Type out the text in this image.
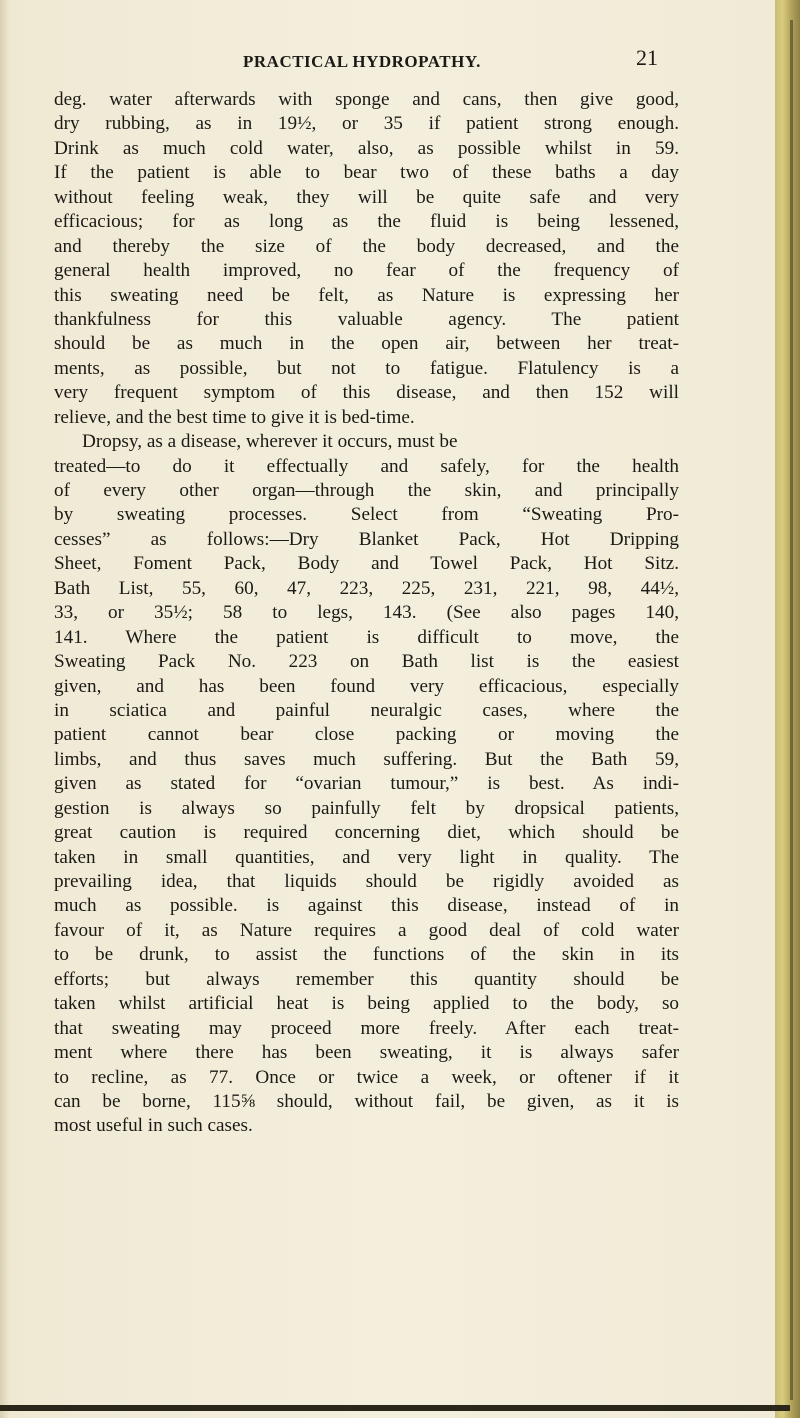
PRACTICAL HYDROPATHY.	21
deg. water afterwards with sponge and cans, then give good,
dry rubbing, as in 19½, or 35 if patient strong enough.
Drink as much cold water, also, as possible whilst in 59.
If the patient is able to bear two of these baths a day
without feeling weak, they will be quite safe and very
efficacious; for as long as the fluid is being lessened,
and thereby the size of the body decreased, and the
general health improved, no fear of the frequency of
this sweating need be felt, as Nature is expressing her
thankfulness for this valuable agency. The patient
should be as much in the open air, between her treat-
ments, as possible, but not to fatigue. Flatulency is a
very frequent symptom of this disease, and then 152 will
relieve, and the best time to give it is bed-time.
Dropsy, as a disease, wherever it occurs, must be
treated—to do it effectually and safely, for the health
of every other organ—through the skin, and principally
by sweating processes. Select from “Sweating Pro-
cesses” as follows:—Dry Blanket Pack, Hot Dripping
Sheet, Foment Pack, Body and Towel Pack, Hot Sitz.
Bath List, 55, 60, 47, 223, 225, 231, 221, 98, 44½,
33, or 35½; 58 to legs, 143. (See also pages 140,
141. Where the patient is difficult to move, the
Sweating Pack No. 223 on Bath list is the easiest
given, and has been found very efficacious, especially
in sciatica and painful neuralgic cases, where the
patient cannot bear close packing or moving the
limbs, and thus saves much suffering. But the Bath 59,
given as stated for “ovarian tumour,” is best. As indi-
gestion is always so painfully felt by dropsical patients,
great caution is required concerning diet, which should be
taken in small quantities, and very light in quality. The
prevailing idea, that liquids should be rigidly avoided as
much as possible. is against this disease, instead of in
favour of it, as Nature requires a good deal of cold water
to be drunk, to assist the functions of the skin in its
efforts; but always remember this quantity should be
taken whilst artificial heat is being applied to the body, so
that sweating may proceed more freely. After each treat-
ment where there has been sweating, it is always safer
to recline, as 77. Once or twice a week, or oftener if it
can be borne, 115⅝ should, without fail, be given, as it is
most useful in such cases.
